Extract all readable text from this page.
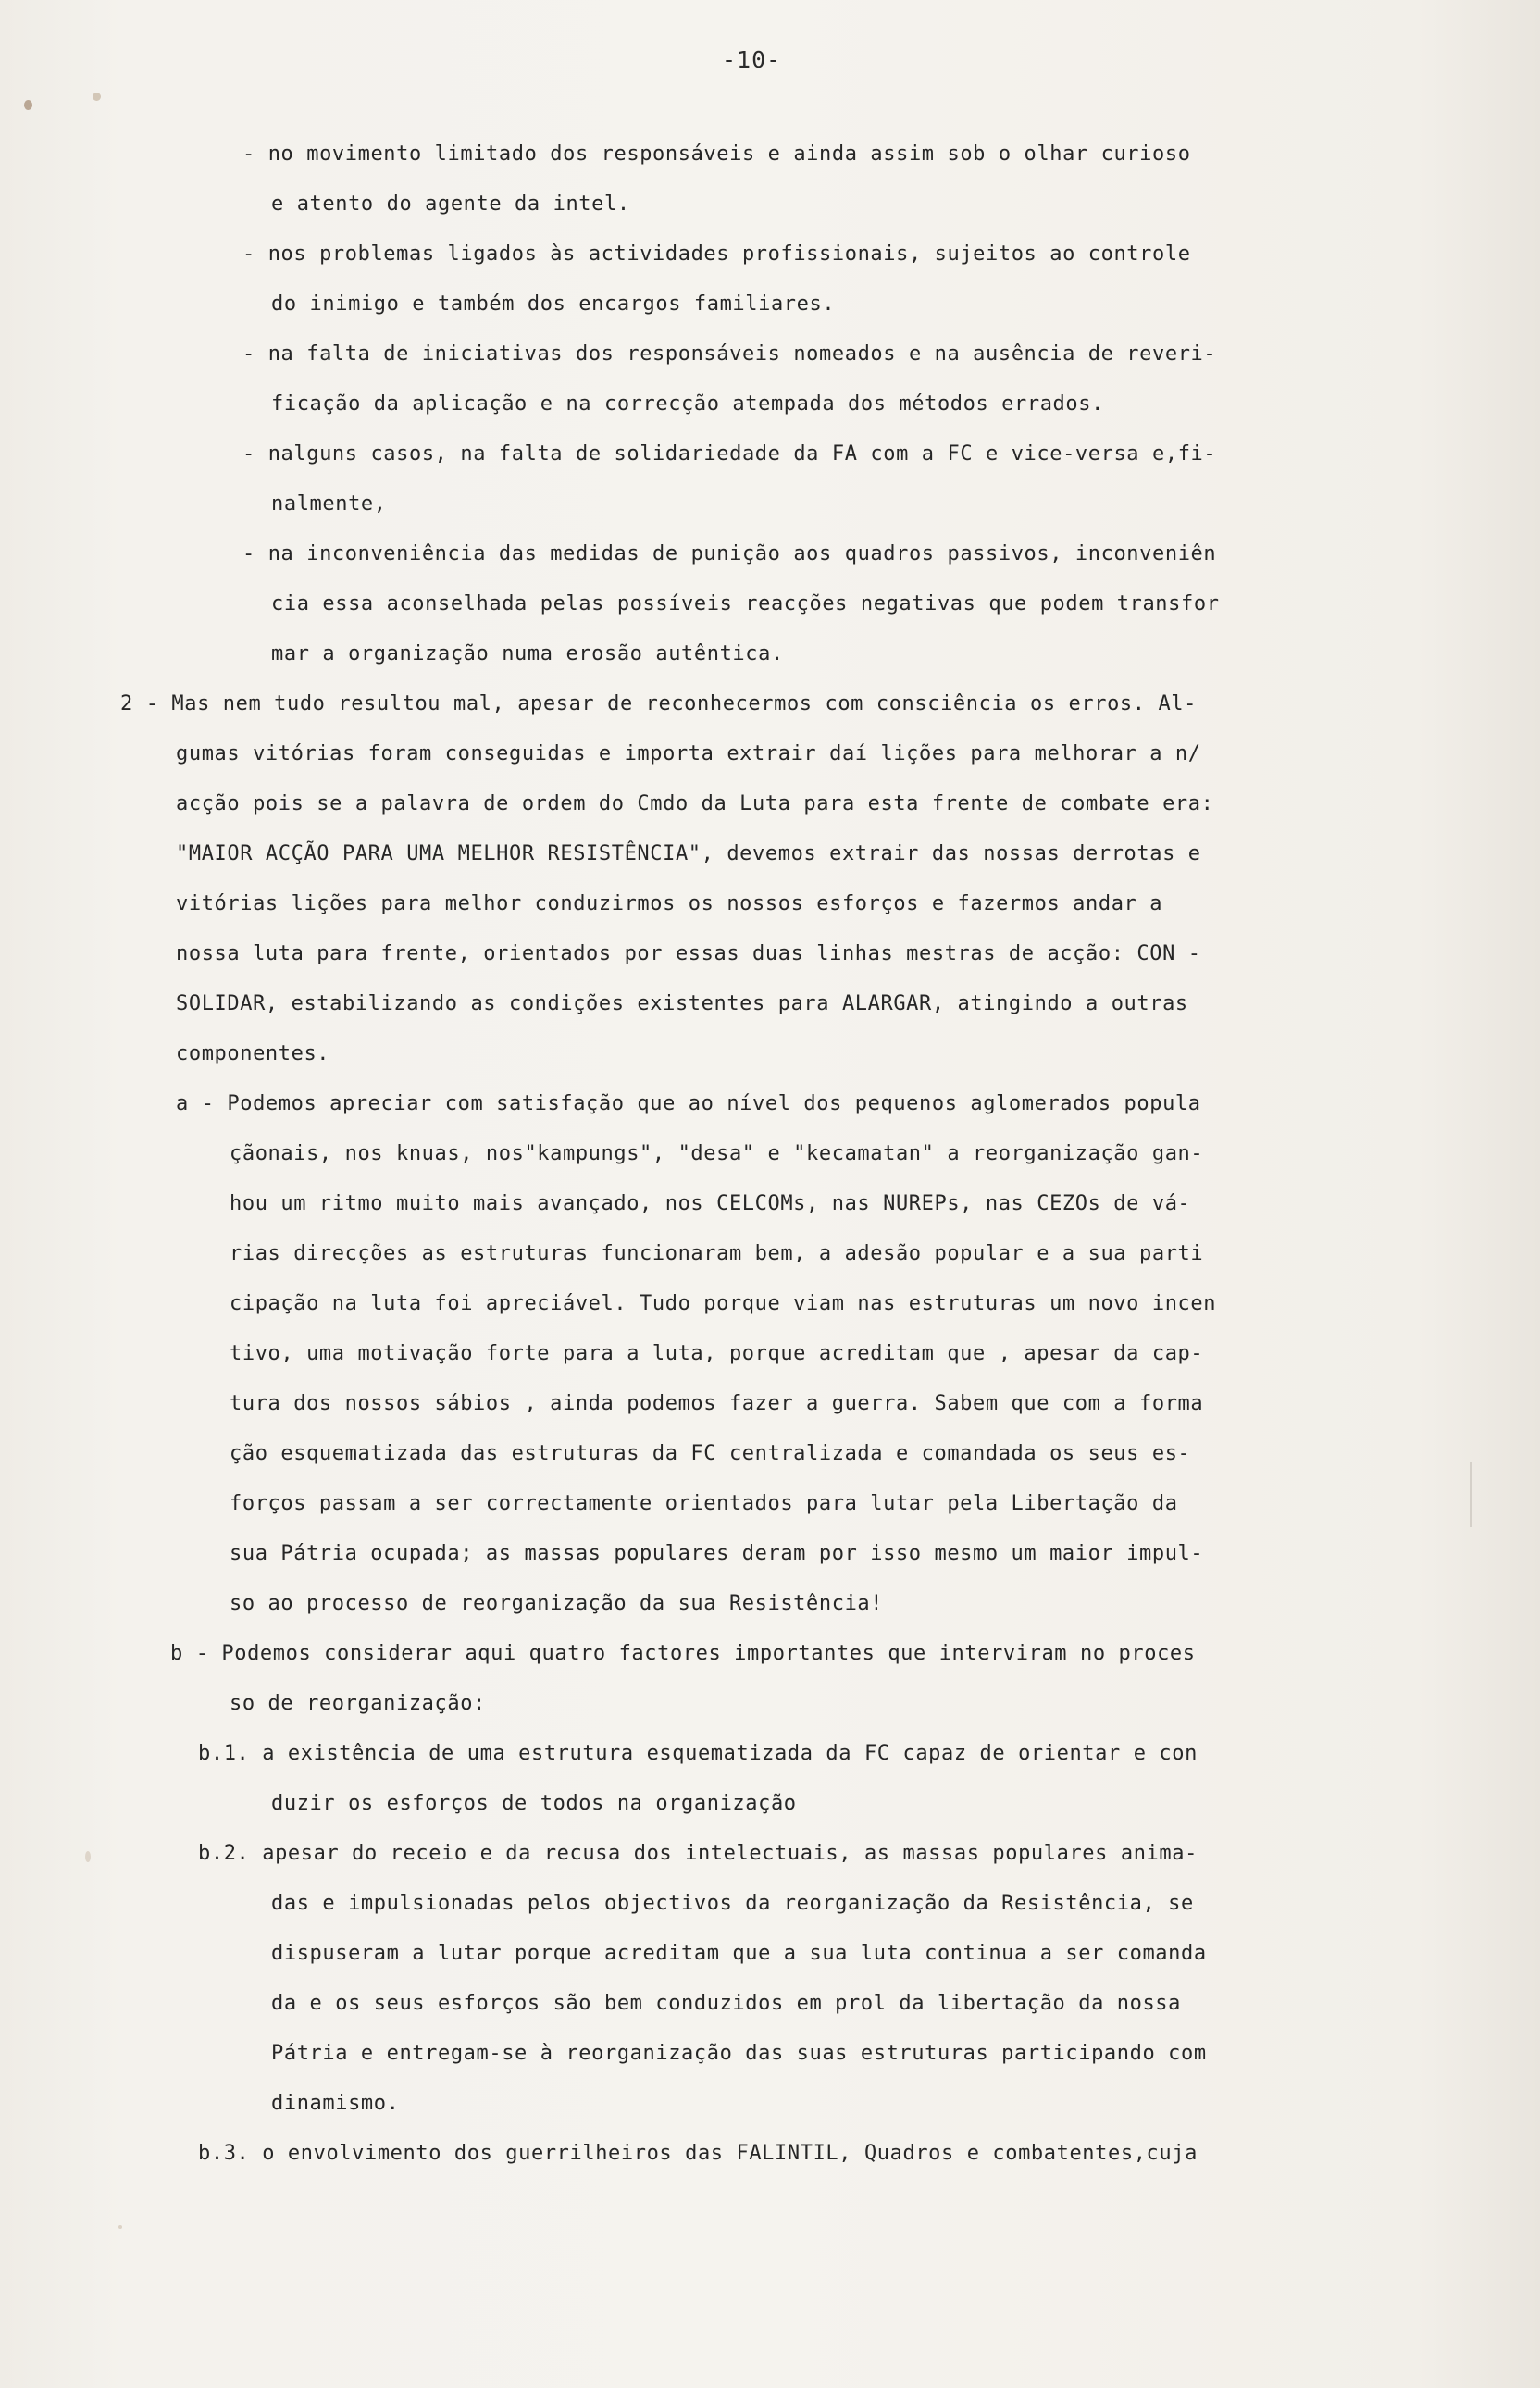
-10-
- no movimento limitado dos responsáveis e ainda assim sob o olhar curioso
e atento do agente da intel.
- nos problemas ligados às actividades profissionais, sujeitos ao controle
do inimigo e também dos encargos familiares.
- na falta de iniciativas dos responsáveis nomeados e na ausência de reveri-
ficação da aplicação e na correcção atempada dos métodos errados.
- nalguns casos, na falta de solidariedade da FA com a FC e vice-versa e,fi-
nalmente,
- na inconveniência das medidas de punição aos quadros passivos, inconveniên
cia essa aconselhada pelas possíveis reacções negativas que podem transfor
mar a organização numa erosão autêntica.
2 - Mas nem tudo resultou mal, apesar de reconhecermos com consciência os erros. Al-
gumas vitórias foram conseguidas e importa extrair daí lições para melhorar a n/
acção pois se a palavra de ordem do Cmdo da Luta para esta frente de combate era:
"MAIOR ACÇÃO PARA UMA MELHOR RESISTÊNCIA", devemos extrair das nossas derrotas e
vitórias lições para melhor conduzirmos os nossos esforços e fazermos andar a
nossa luta para frente, orientados por essas duas linhas mestras de acção: CON -
SOLIDAR, estabilizando as condições existentes para ALARGAR, atingindo a outras
componentes.
a - Podemos apreciar com satisfação que ao nível dos pequenos aglomerados popula
çãonais, nos knuas, nos"kampungs", "desa" e "kecamatan" a reorganização gan-
hou um ritmo muito mais avançado, nos CELCOMs, nas NUREPs, nas CEZOs de vá-
rias direcções as estruturas funcionaram bem, a adesão popular e a sua parti
cipação na luta foi apreciável. Tudo porque viam nas estruturas um novo incen
tivo, uma motivação forte para a luta, porque acreditam que , apesar da cap-
tura dos nossos sábios , ainda podemos fazer a guerra. Sabem que com a forma
ção esquematizada das estruturas da FC centralizada e comandada os seus es-
forços passam a ser correctamente orientados para lutar pela Libertação da
sua Pátria ocupada; as massas populares deram por isso mesmo um maior impul-
so ao processo de reorganização da sua Resistência!
b - Podemos considerar aqui quatro factores importantes que interviram no proces
so de reorganização:
b.1. a existência de uma estrutura esquematizada da FC capaz de orientar e con
duzir os esforços de todos na organização
b.2. apesar do receio e da recusa dos intelectuais, as massas populares anima-
das e impulsionadas pelos objectivos da reorganização da Resistência, se
dispuseram a lutar porque acreditam que a sua luta continua a ser comanda
da e os seus esforços são bem conduzidos em prol da libertação da nossa
Pátria e entregam-se à reorganização das suas estruturas participando com
dinamismo.
b.3. o envolvimento dos guerrilheiros das FALINTIL, Quadros e combatentes,cuja
